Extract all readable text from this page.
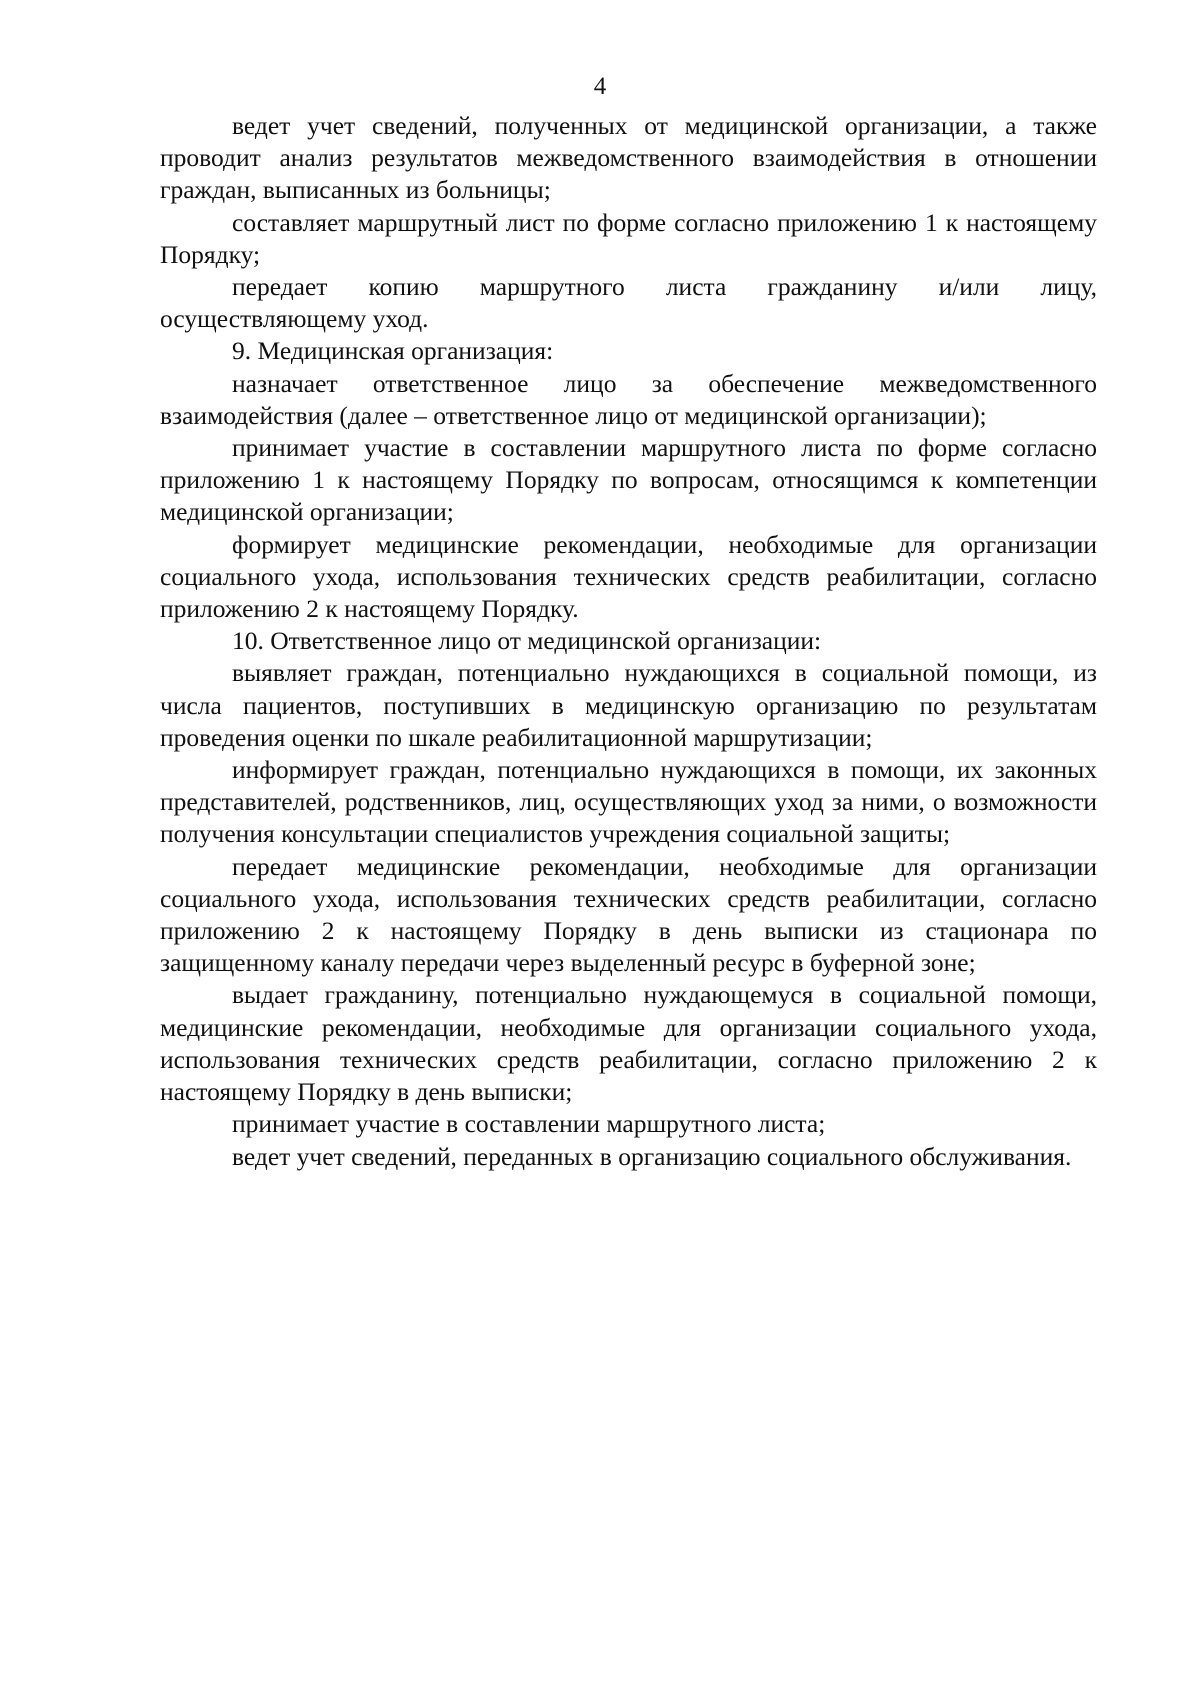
4

ведет учет сведений, полученных от медицинской организации, а также проводит анализ результатов межведомственного взаимодействия в отношении граждан, выписанных из больницы;

составляет маршрутный лист по форме согласно приложению 1 к настоящему Порядку;

передает копию маршрутного листа гражданину и/или лицу, осуществляющему уход.

9. Медицинская организация:

назначает ответственное лицо за обеспечение межведомственного взаимодействия (далее – ответственное лицо от медицинской организации);

принимает участие в составлении маршрутного листа по форме согласно приложению 1 к настоящему Порядку по вопросам, относящимся к компетенции медицинской организации;

формирует медицинские рекомендации, необходимые для организации социального ухода, использования технических средств реабилитации, согласно приложению 2 к настоящему Порядку.

10. Ответственное лицо от медицинской организации:

выявляет граждан, потенциально нуждающихся в социальной помощи, из числа пациентов, поступивших в медицинскую организацию по результатам проведения оценки по шкале реабилитационной маршрутизации;

информирует граждан, потенциально нуждающихся в помощи, их законных представителей, родственников, лиц, осуществляющих уход за ними, о возможности получения консультации специалистов учреждения социальной защиты;

передает медицинские рекомендации, необходимые для организации социального ухода, использования технических средств реабилитации, согласно приложению 2 к настоящему Порядку в день выписки из стационара по защищенному каналу передачи через выделенный ресурс в буферной зоне;

выдает гражданину, потенциально нуждающемуся в социальной помощи, медицинские рекомендации, необходимые для организации социального ухода, использования технических средств реабилитации, согласно приложению 2 к настоящему Порядку в день выписки;

принимает участие в составлении маршрутного листа;

ведет учет сведений, переданных в организацию социального обслуживания.
